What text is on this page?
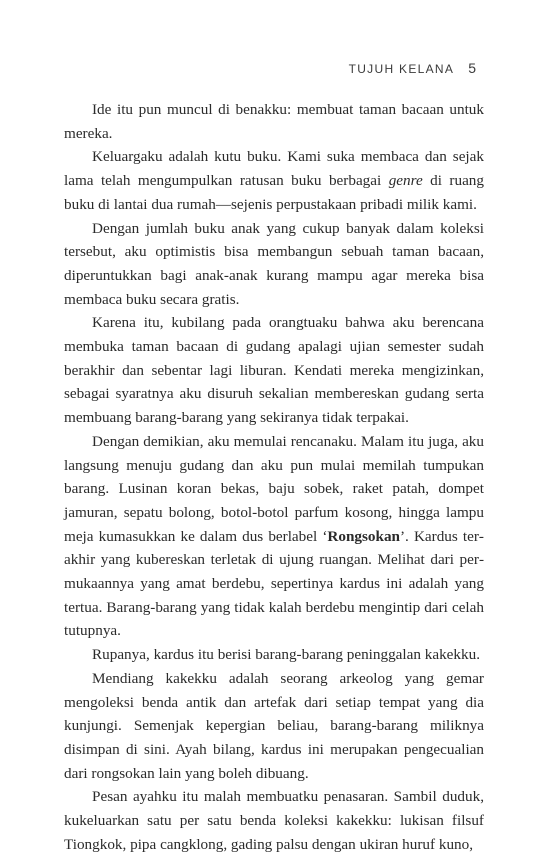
TUJUH KELANA 5

Ide itu pun muncul di benakku: membuat taman bacaan untuk mereka.

Keluargaku adalah kutu buku. Kami suka membaca dan sejak lama telah mengumpulkan ratusan buku berbagai genre di ruang buku di lantai dua rumah—sejenis perpustakaan pribadi milik kami.

Dengan jumlah buku anak yang cukup banyak dalam koleksi tersebut, aku optimistis bisa membangun sebuah taman bacaan, diperuntukkan bagi anak-anak kurang mampu agar mereka bisa membaca buku secara gratis.

Karena itu, kubilang pada orangtuaku bahwa aku berencana membuka taman bacaan di gudang apalagi ujian semester sudah berakhir dan sebentar lagi liburan. Kendati mereka mengizinkan, sebagai syaratnya aku disuruh sekalian membereskan gudang serta membuang barang-barang yang sekiranya tidak terpakai.

Dengan demikian, aku memulai rencanaku. Malam itu juga, aku langsung menuju gudang dan aku pun mulai memilah tumpukan barang. Lusinan koran bekas, baju sobek, raket patah, dompet jamuran, sepatu bolong, botol-botol parfum kosong, hingga lampu meja kumasukkan ke dalam dus berlabel ‘Rongsokan’. Kardus terakhir yang kubereskan terletak di ujung ruangan. Melihat dari permukaannya yang amat berdebu, sepertinya kardus ini adalah yang tertua. Barang-barang yang tidak kalah berdebu mengintip dari celah tutupnya.

Rupanya, kardus itu berisi barang-barang peninggalan kakekku.

Mendiang kakekku adalah seorang arkeolog yang gemar mengoleksi benda antik dan artefak dari setiap tempat yang dia kunjungi. Semenjak kepergian beliau, barang-barang miliknya disimpan di sini. Ayah bilang, kardus ini merupakan pengecualian dari rongsokan lain yang boleh dibuang.

Pesan ayahku itu malah membuatku penasaran. Sambil duduk, kukeluarkan satu per satu benda koleksi kakekku: lukisan filsuf Tiongkok, pipa cangklong, gading palsu dengan ukiran huruf kuno,
